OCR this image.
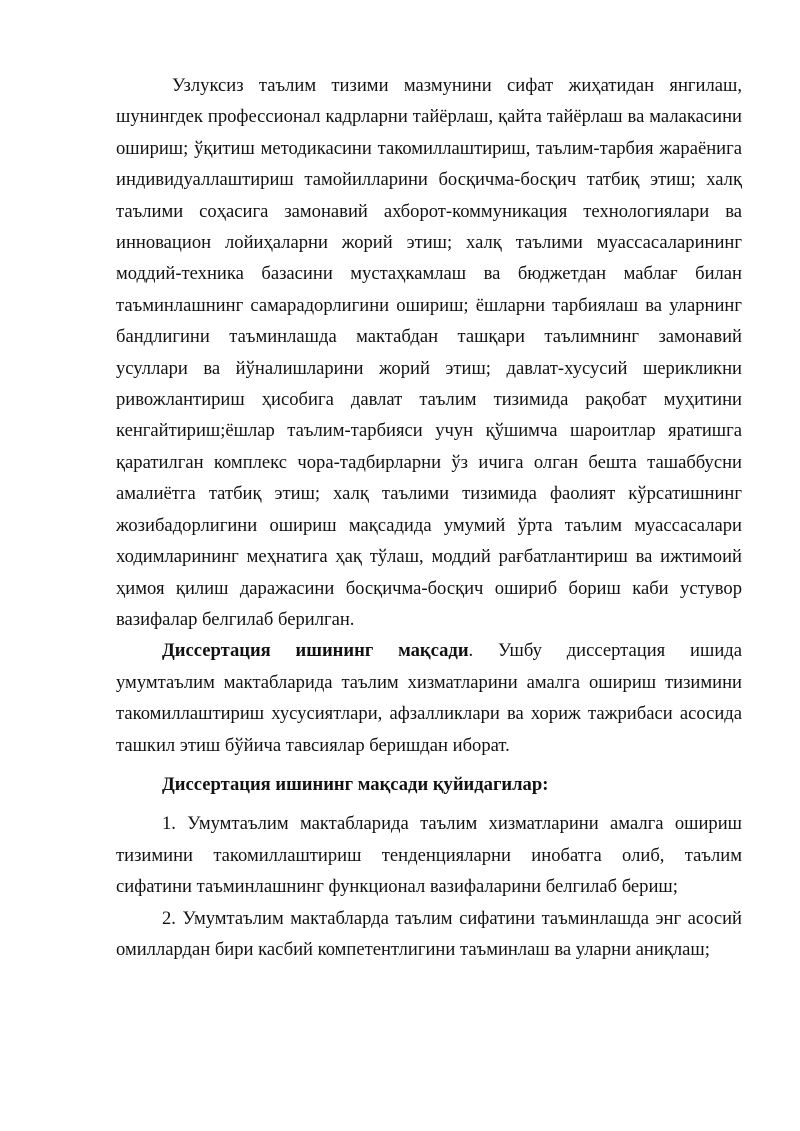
Узлуксиз таълим тизими мазмунини сифат жиҳатидан янгилаш, шунингдек профессионал кадрларни тайёрлаш, қайта тайёрлаш ва малакасини ошириш; ўқитиш методикасини такомиллаштириш, таълим-тарбия жараёнига индивидуаллаштириш тамойилларини босқичма-босқич татбиқ этиш; халқ таълими соҳасига замонавий ахборот-коммуникация технологиялари ва инновацион лойиҳаларни жорий этиш; халқ таълими муассасаларининг моддий-техника базасини мустаҳкамлаш ва бюджетдан маблағ билан таъминлашнинг самарадорлигини ошириш; ёшларни тарбиялаш ва уларнинг бандлигини таъминлашда мактабдан ташқари таълимнинг замонавий усуллари ва йўналишларини жорий этиш; давлат-хусусий шерикликни ривожлантириш ҳисобига давлат таълим тизимида рақобат муҳитини кенгайтириш;ёшлар таълим-тарбияси учун қўшимча шароитлар яратишга қаратилган комплекс чора-тадбирларни ўз ичига олган бешта ташаббусни амалиётга татбиқ этиш; халқ таълими тизимида фаолият кўрсатишнинг жозибадорлигини ошириш мақсадида умумий ўрта таълим муассасалари ходимларининг меҳнатига ҳақ тўлаш, моддий рағбатлантириш ва ижтимоий ҳимоя қилиш даражасини босқичма-босқич ошириб бориш каби устувор вазифалар белгилаб берилган.

Диссертация ишининг мақсади. Ушбу диссертация ишида умумтаълим мактабларида таълим хизматларини амалга ошириш тизимини такомиллаштириш хусусиятлари, афзалликлари ва хориж тажрибаси асосида ташкил этиш бўйича тавсиялар беришдан иборат.

Диссертация ишининг мақсади қуйидагилар:

1. Умумтаълим мактабларида таълим хизматларини амалга ошириш тизимини такомиллаштириш тенденцияларни инобатга олиб, таълим сифатини таъминлашнинг функционал вазифаларини белгилаб бериш;

2. Умумтаълим мактабларда таълим сифатини таъминлашда энг асосий омиллардан бири касбий компетентлигини таъминлаш ва уларни аниқлаш;
